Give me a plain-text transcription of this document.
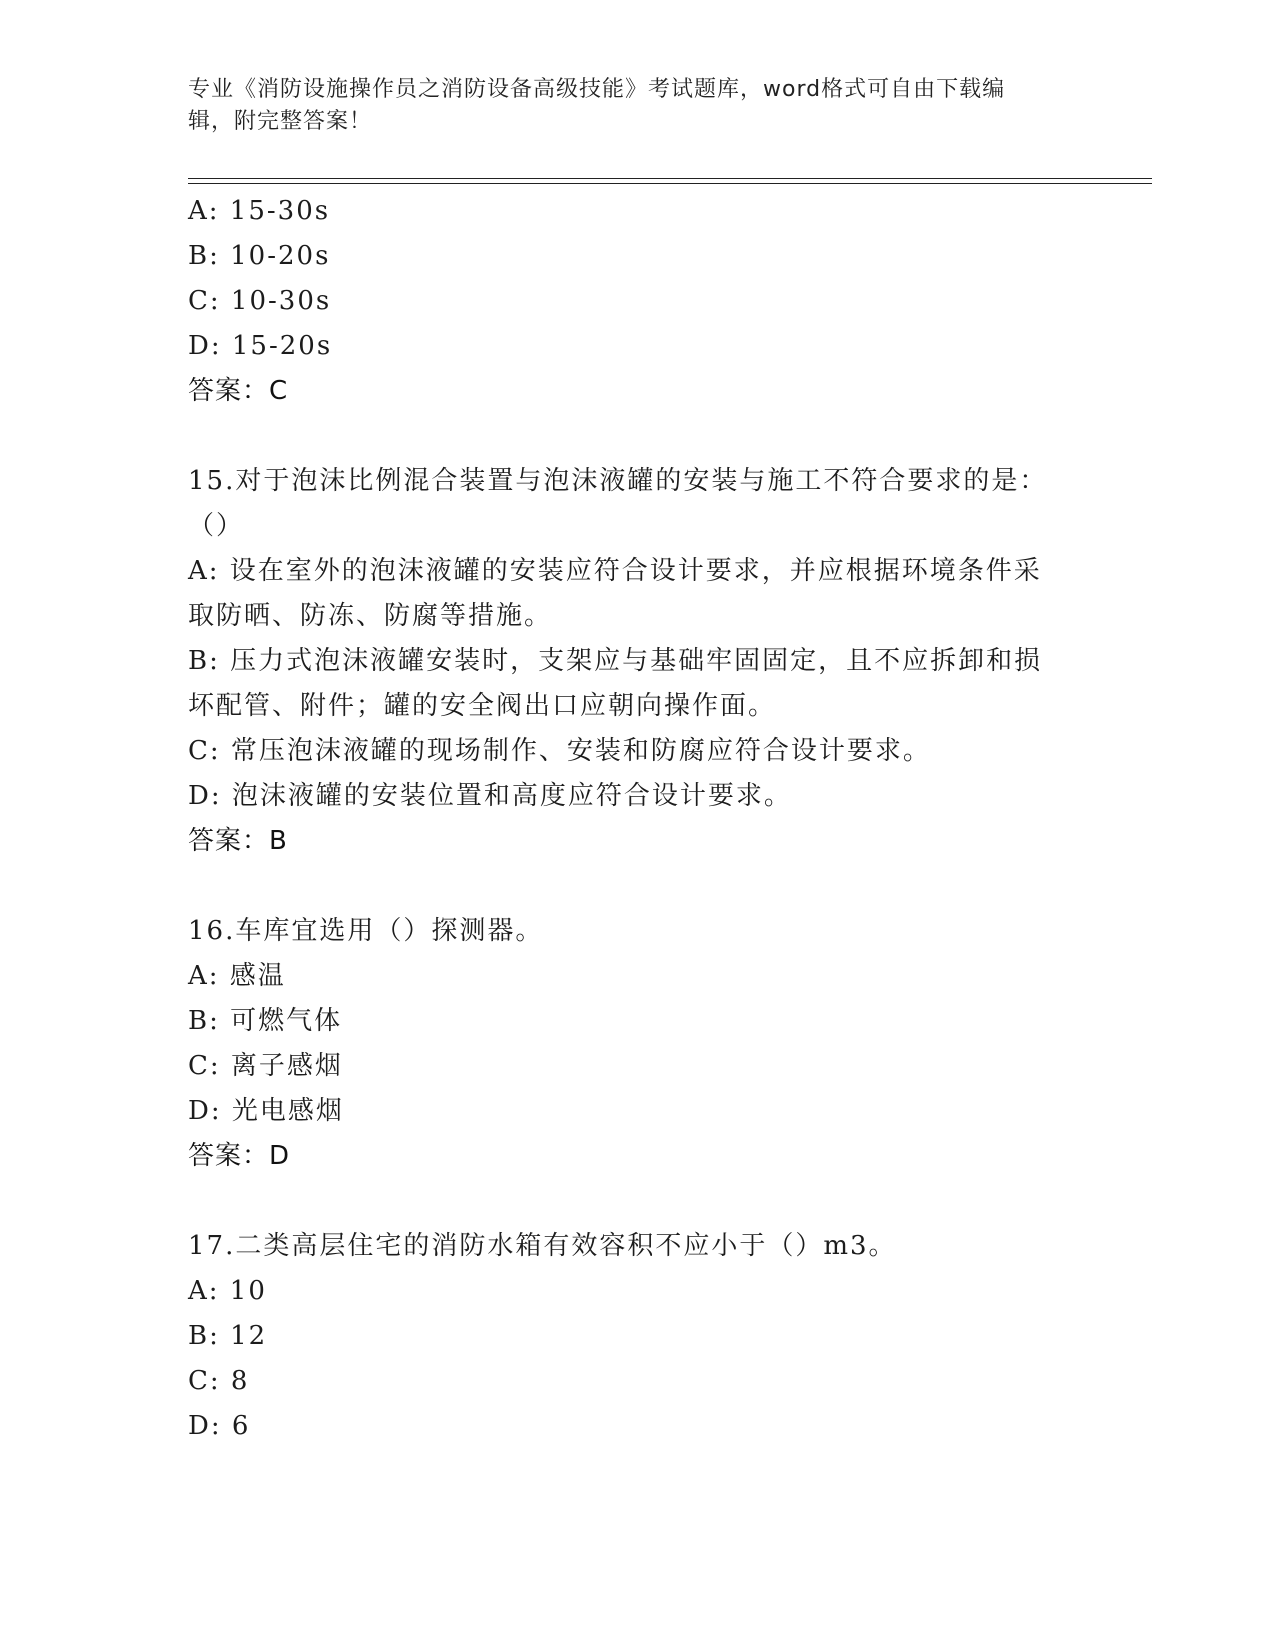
专业《消防设施操作员之消防设备高级技能》考试题库，word格式可自由下载编
辑，附完整答案！
A: 15-30s
B: 10-20s
C: 10-30s
D: 15-20s
答案：C
15.对于泡沫比例混合装置与泡沫液罐的安装与施工不符合要求的是：
（）
A: 设在室外的泡沫液罐的安装应符合设计要求，并应根据环境条件采
取防晒、防冻、防腐等措施。
B: 压力式泡沫液罐安装时，支架应与基础牢固固定，且不应拆卸和损
坏配管、附件；罐的安全阀出口应朝向操作面。
C: 常压泡沫液罐的现场制作、安装和防腐应符合设计要求。
D: 泡沫液罐的安装位置和高度应符合设计要求。
答案：B
16.车库宜选用（）探测器。
A: 感温
B: 可燃气体
C: 离子感烟
D: 光电感烟
答案：D
17.二类高层住宅的消防水箱有效容积不应小于（）m3。
A: 10
B: 12
C: 8
D: 6
